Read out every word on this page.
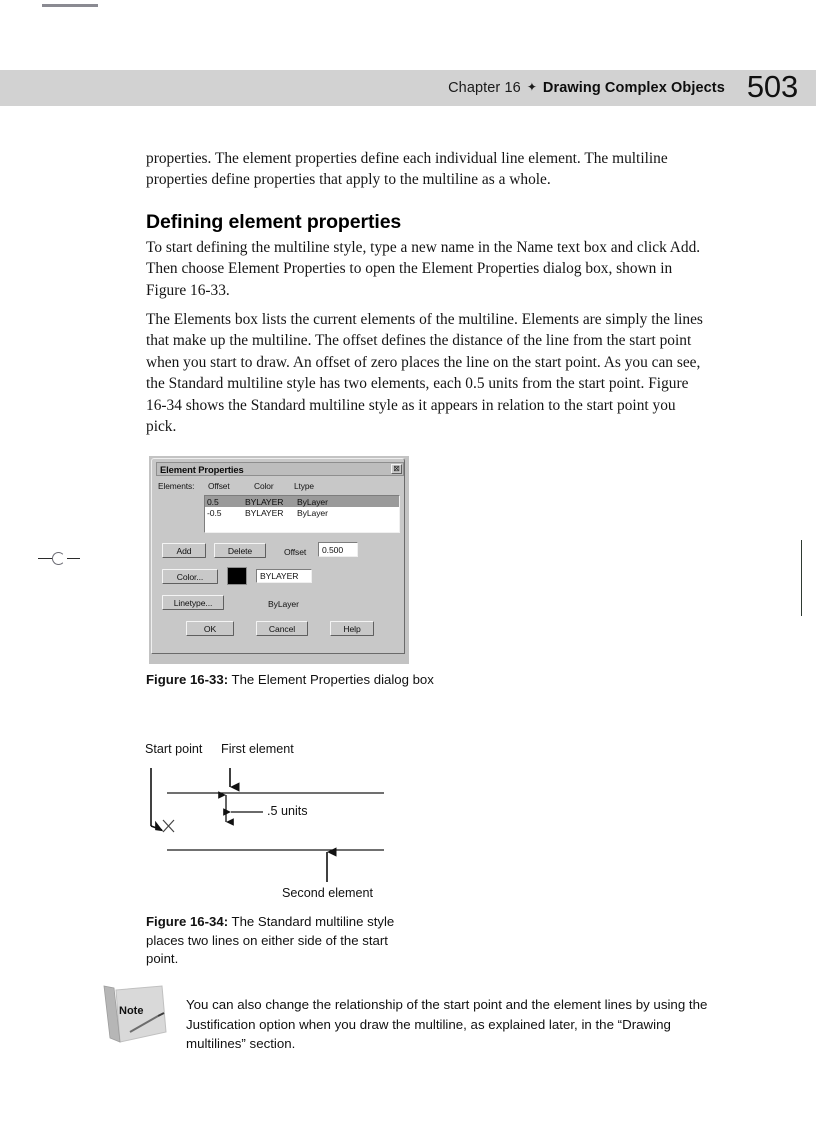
Chapter 16 ✦ Drawing Complex Objects 503

properties. The element properties define each individual line element. The multiline properties define properties that apply to the multiline as a whole.

Defining element properties

To start defining the multiline style, type a new name in the Name text box and click Add. Then choose Element Properties to open the Element Properties dialog box, shown in Figure 16-33.

The Elements box lists the current elements of the multiline. Elements are simply the lines that make up the multiline. The offset defines the distance of the line from the start point when you start to draw. An offset of zero places the line on the start point. As you can see, the Standard multiline style has two elements, each 0.5 units from the start point. Figure 16-34 shows the Standard multiline style as it appears in relation to the start point you pick.

Element Properties	⊠
Elements: Offset	Color Ltype
0.5	BYLAYER	ByLayer
-0.5	BYLAYER	ByLayer
Add	Delete	Offset	0.500
Color...	BYLAYER
Linetype...	ByLayer
OK	Cancel	Help
Figure 16-33: The Element Properties dialog box
Start point First element
.5 units
Second element
Figure 16-34: The Standard multiline style places two lines on either side of the start point.
Note	You can also change the relationship of the start point and the element lines by using the Justification option when you draw the multiline, as explained later, in the “Drawing multilines” section.
